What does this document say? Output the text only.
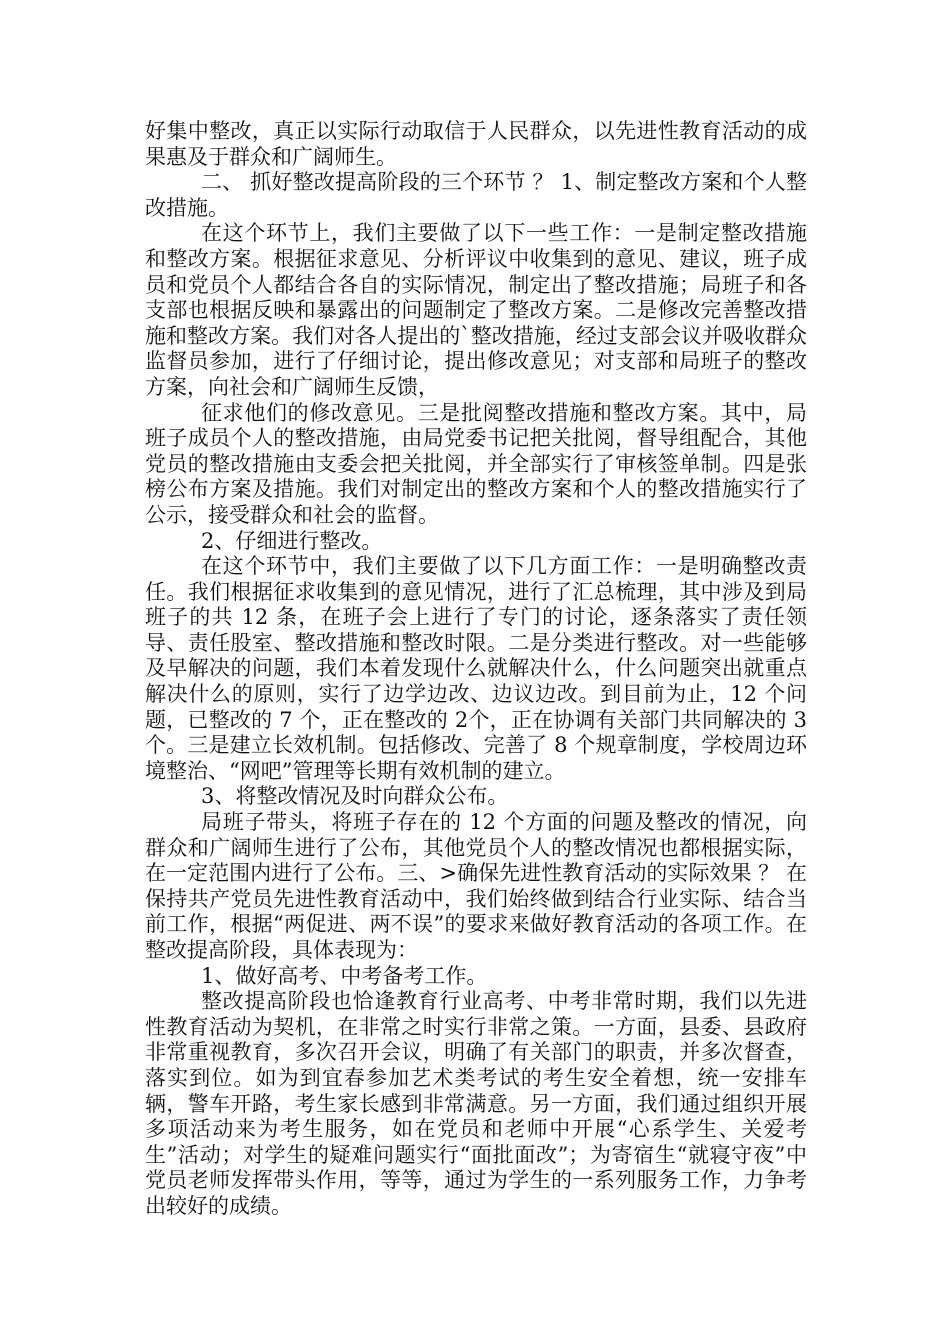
好集中整改，真正以实际行动取信于人民群众，以先进性教育活动的成果惠及于群众和广阔师生。

二、 抓好整改提高阶段的三个环节 ？ 1、制定整改方案和个人整改措施。

在这个环节上，我们主要做了以下一些工作：一是制定整改措施和整改方案。根据征求意见、分析评议中收集到的意见、建议，班子成员和党员个人都结合各自的实际情况，制定出了整改措施；局班子和各支部也根据反映和暴露出的问题制定了整改方案。二是修改完善整改措施和整改方案。我们对各人提出的`整改措施，经过支部会议并吸收群众监督员参加，进行了仔细讨论，提出修改意见；对支部和局班子的整改方案，向社会和广阔师生反馈，

征求他们的修改意见。三是批阅整改措施和整改方案。其中，局班子成员个人的整改措施，由局党委书记把关批阅，督导组配合，其他党员的整改措施由支委会把关批阅，并全部实行了审核签单制。四是张榜公布方案及措施。我们对制定出的整改方案和个人的整改措施实行了公示，接受群众和社会的监督。

2、仔细进行整改。

在这个环节中，我们主要做了以下几方面工作：一是明确整改责任。我们根据征求收集到的意见情况，进行了汇总梳理，其中涉及到局班子的共 12 条，在班子会上进行了专门的讨论，逐条落实了责任领导、责任股室、整改措施和整改时限。二是分类进行整改。对一些能够及早解决的问题，我们本着发现什么就解决什么，什么问题突出就重点解决什么的原则，实行了边学边改、边议边改。到目前为止，12 个问题，已整改的 7 个，正在整改的 2个，正在协调有关部门共同解决的 3 个。三是建立长效机制。包括修改、完善了 8 个规章制度，学校周边环境整治、“网吧”管理等长期有效机制的建立。

3、将整改情况及时向群众公布。

局班子带头，将班子存在的 12 个方面的问题及整改的情况，向群众和广阔师生进行了公布，其他党员个人的整改情况也都根据实际，在一定范围内进行了公布。三、>确保先进性教育活动的实际效果 ？ 在保持共产党员先进性教育活动中，我们始终做到结合行业实际、结合当前工作，根据“两促进、两不误”的要求来做好教育活动的各项工作。在整改提高阶段，具体表现为：

1、做好高考、中考备考工作。

整改提高阶段也恰逢教育行业高考、中考非常时期，我们以先进性教育活动为契机，在非常之时实行非常之策。一方面，县委、县政府非常重视教育，多次召开会议，明确了有关部门的职责，并多次督查，落实到位。如为到宜春参加艺术类考试的考生安全着想，统一安排车辆，警车开路，考生家长感到非常满意。另一方面，我们通过组织开展多项活动来为考生服务，如在党员和老师中开展“心系学生、关爱考生”活动；对学生的疑难问题实行“面批面改”；为寄宿生“就寝守夜”中党员老师发挥带头作用，等等，通过为学生的一系列服务工作，力争考出较好的成绩。
